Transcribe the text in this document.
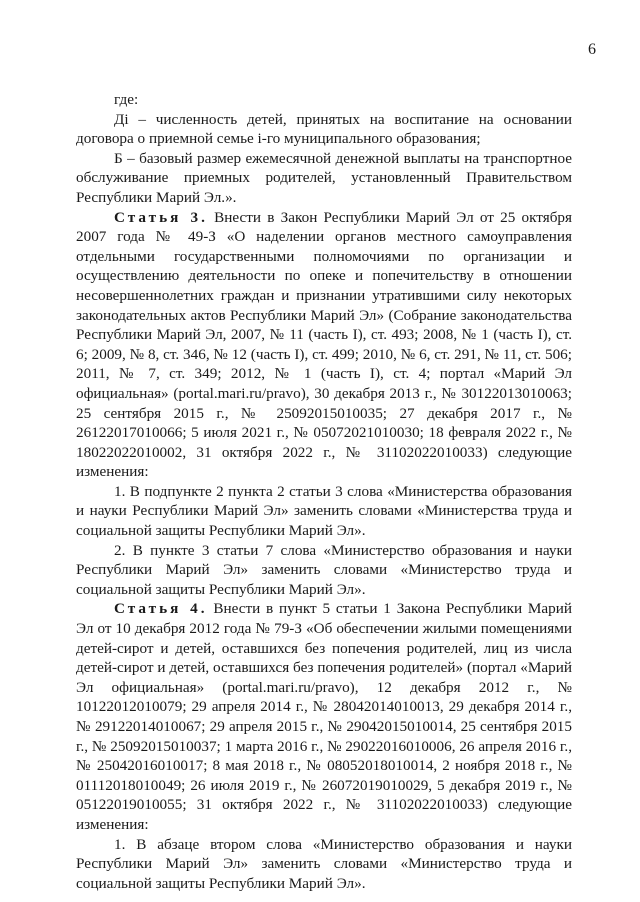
6

где:

Дi – численность детей, принятых на воспитание на основании договора о приемной семье i-го муниципального образования;

Б – базовый размер ежемесячной денежной выплаты на транспортное обслуживание приемных родителей, установленный Правительством Республики Марий Эл.».

Статья 3. Внести в Закон Республики Марий Эл от 25 октября 2007 года № 49-З «О наделении органов местного самоуправления отдельными государственными полномочиями по организации и осуществлению деятельности по опеке и попечительству в отношении несовершеннолетних граждан и признании утратившими силу некоторых законодательных актов Республики Марий Эл» (Собрание законодательства Республики Марий Эл, 2007, № 11 (часть I), ст. 493; 2008, № 1 (часть I), ст. 6; 2009, № 8, ст. 346, № 12 (часть I), ст. 499; 2010, № 6, ст. 291, № 11, ст. 506; 2011, № 7, ст. 349; 2012, № 1 (часть I), ст. 4; портал «Марий Эл официальная» (portal.mari.ru/pravo), 30 декабря 2013 г., № 30122013010063; 25 сентября 2015 г., № 25092015010035; 27 декабря 2017 г., № 26122017010066; 5 июля 2021 г., № 05072021010030; 18 февраля 2022 г., № 18022022010002, 31 октября 2022 г., № 31102022010033) следующие изменения:

1. В подпункте 2 пункта 2 статьи 3 слова «Министерства образования и науки Республики Марий Эл» заменить словами «Министерства труда и социальной защиты Республики Марий Эл».

2. В пункте 3 статьи 7 слова «Министерство образования и науки Республики Марий Эл» заменить словами «Министерство труда и социальной защиты Республики Марий Эл».

Статья 4. Внести в пункт 5 статьи 1 Закона Республики Марий Эл от 10 декабря 2012 года № 79-З «Об обеспечении жилыми помещениями детей-сирот и детей, оставшихся без попечения родителей, лиц из числа детей-сирот и детей, оставшихся без попечения родителей» (портал «Марий Эл официальная» (portal.mari.ru/pravo), 12 декабря 2012 г., № 10122012010079; 29 апреля 2014 г., № 28042014010013, 29 декабря 2014 г., № 29122014010067; 29 апреля 2015 г., № 29042015010014, 25 сентября 2015 г., № 25092015010037; 1 марта 2016 г., № 29022016010006, 26 апреля 2016 г., № 25042016010017; 8 мая 2018 г., № 08052018010014, 2 ноября 2018 г., № 01112018010049; 26 июля 2019 г., № 26072019010029, 5 декабря 2019 г., № 05122019010055; 31 октября 2022 г., № 31102022010033) следующие изменения:

1. В абзаце втором слова «Министерство образования и науки Республики Марий Эл» заменить словами «Министерство труда и социальной защиты Республики Марий Эл».
